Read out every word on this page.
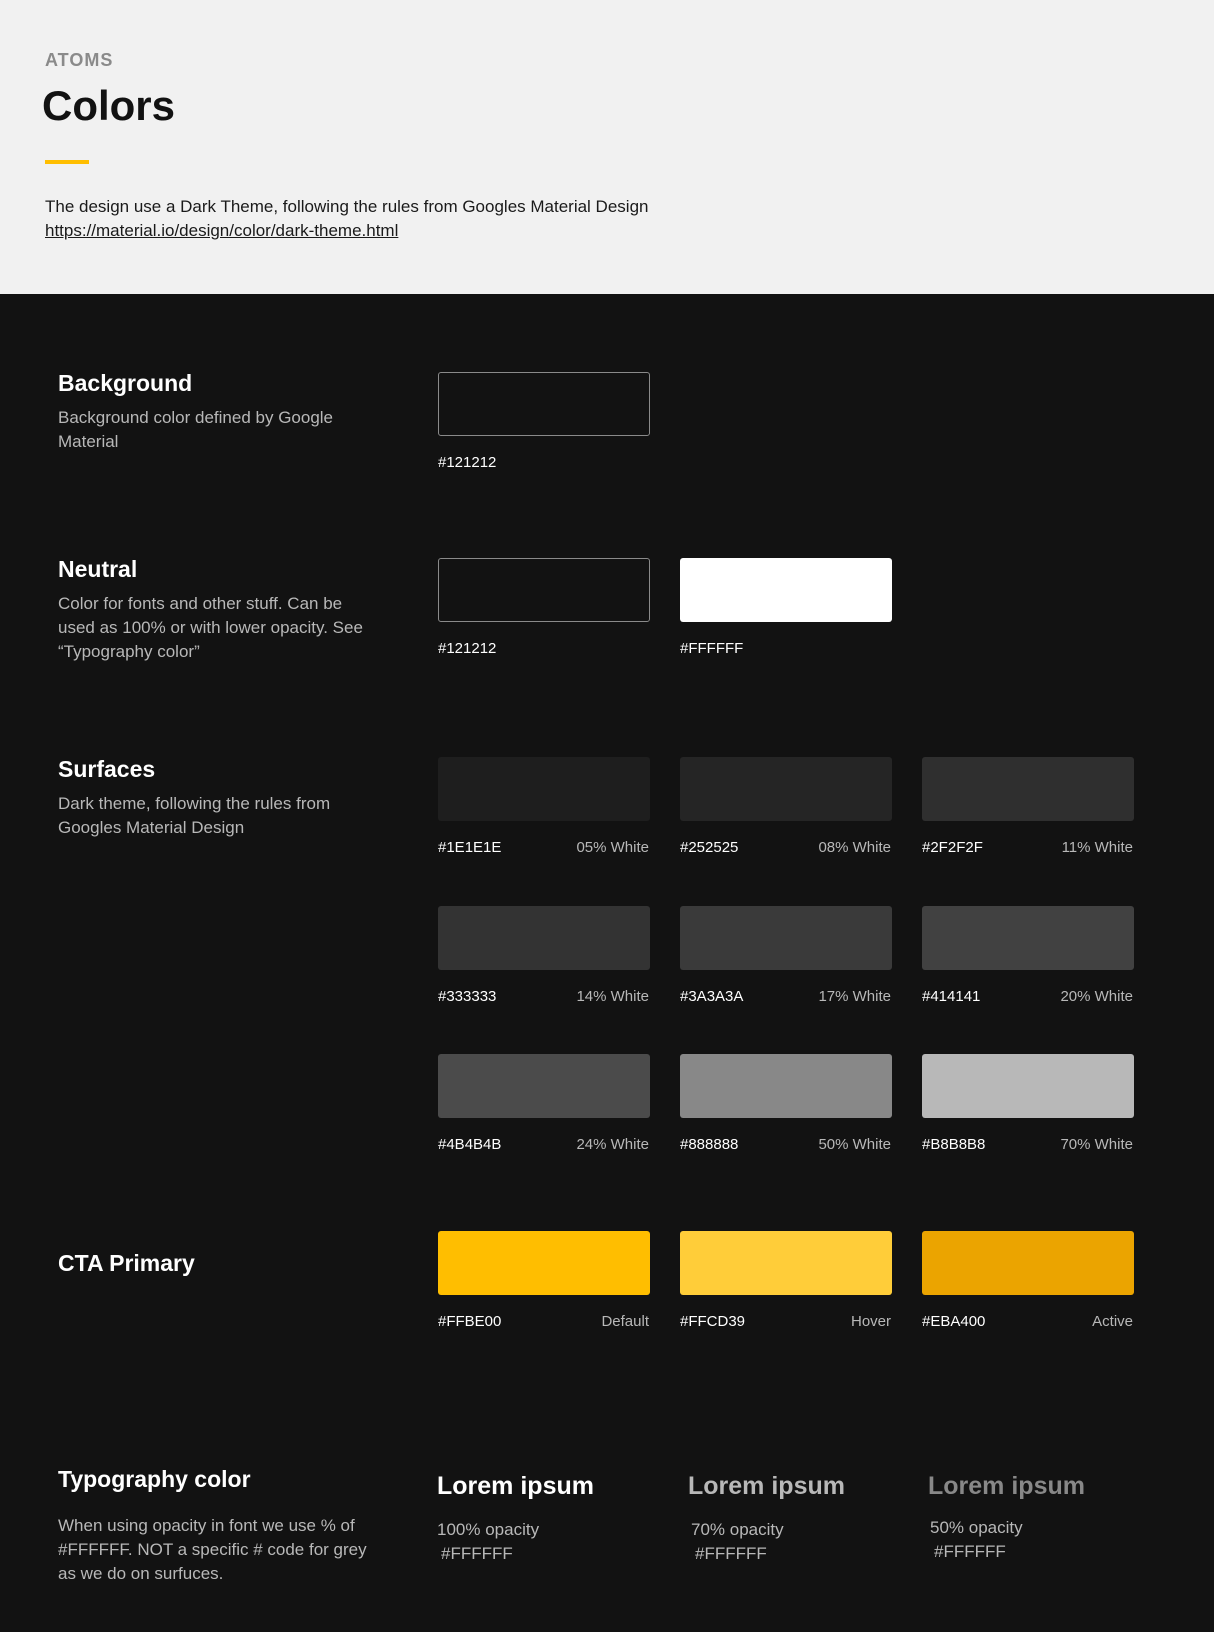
ATOMS
Colors
The design use a Dark Theme, following the rules from Googles Material Design
https://material.io/design/color/dark-theme.html
Background
Background color defined by Google Material
#121212
Neutral
Color for fonts and other stuff. Can be used as 100% or with lower opacity. See “Typography color”	#121212	#FFFFFF
Surfaces
Dark theme, following the rules from Googles Material Design
#1E1E1E	05% White #252525	08% White #2F2F2F	11% White
#333333	14% White #3A3A3A	17% White #414141	20% White
#4B4B4B	24% White #888888	50% White #B8B8B8	70% White
CTA Primary
#FFBE00	Default #FFCD39	Hover #EBA400	Active
Typography color
When using opacity in font we use % of #FFFFFF. NOT a specific # code for grey as we do on surfuces.
Lorem ipsum
100% opacity
#FFFFFF
Lorem ipsum
70% opacity
#FFFFFF
Lorem ipsum
50% opacity
#FFFFFF
